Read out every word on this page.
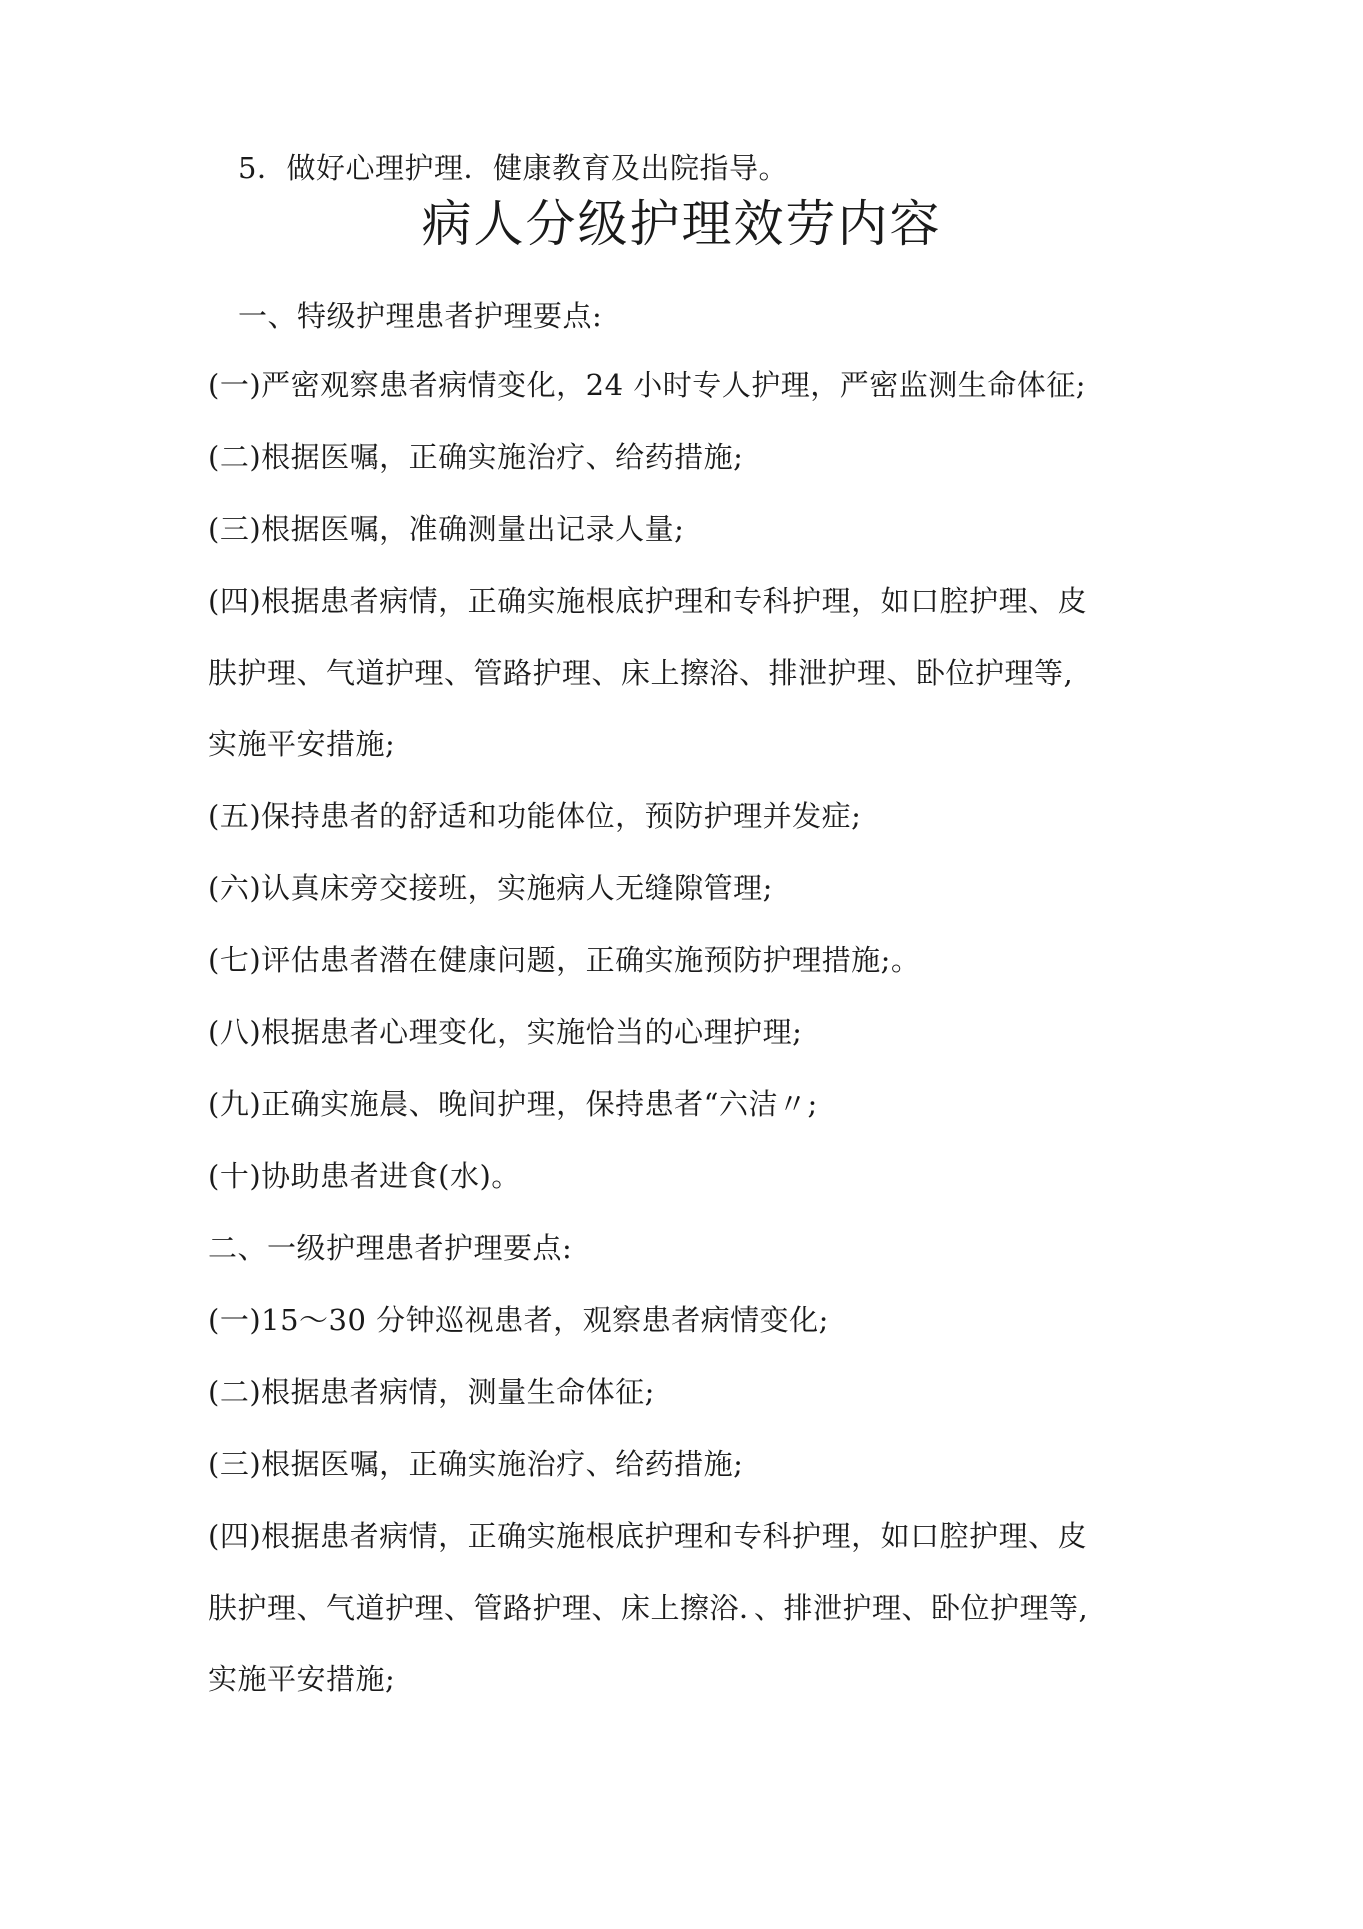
5．做好心理护理．健康教育及出院指导。
病人分级护理效劳内容
一、特级护理患者护理要点:
(一)严密观察患者病情变化，24 小时专人护理，严密监测生命体征;
(二)根据医嘱，正确实施治疗、给药措施;
(三)根据医嘱，准确测量出记录人量;
(四)根据患者病情，正确实施根底护理和专科护理，如口腔护理、皮
肤护理、气道护理、管路护理、床上擦浴、排泄护理、卧位护理等,
实施平安措施;
(五)保持患者的舒适和功能体位，预防护理并发症;
(六)认真床旁交接班，实施病人无缝隙管理;
(七)评估患者潜在健康问题，正确实施预防护理措施;。
(八)根据患者心理变化，实施恰当的心理护理;
(九)正确实施晨、晚间护理，保持患者“六洁〃;
(十)协助患者进食(水)。
二、一级护理患者护理要点:
(一)15～30 分钟巡视患者，观察患者病情变化;
(二)根据患者病情，测量生命体征;
(三)根据医嘱，正确实施治疗、给药措施;
(四)根据患者病情，正确实施根底护理和专科护理，如口腔护理、皮
肤护理、气道护理、管路护理、床上擦浴．、排泄护理、卧位护理等,
实施平安措施;
